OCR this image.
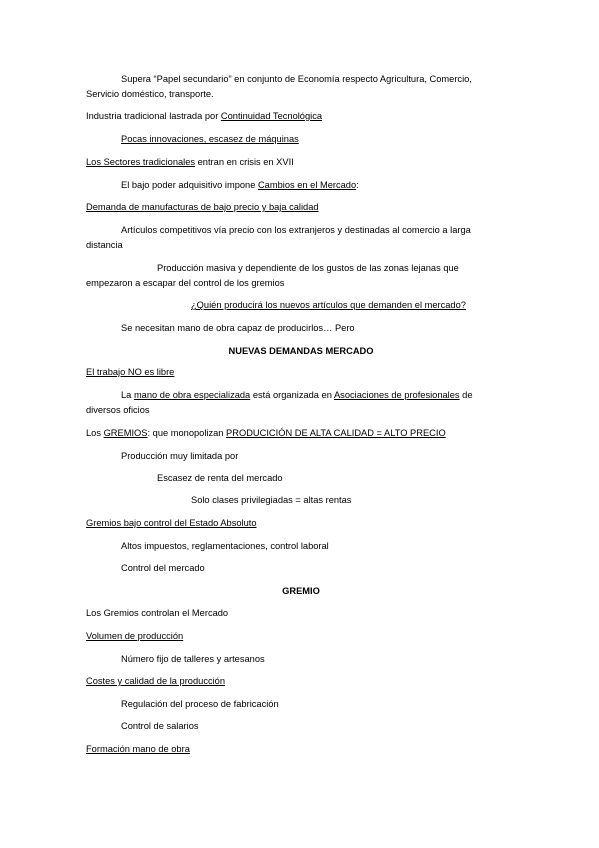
Supera “Papel secundario” en conjunto de Economía respecto Agricultura, Comercio,
Servicio doméstico, transporte.
Industria tradicional lastrada por Continuidad Tecnológica
Pocas innovaciones, escasez de máquinas
Los Sectores tradicionales entran en crisis en XVII
El bajo poder adquisitivo impone Cambios en el Mercado:
Demanda de manufacturas de bajo precio y baja calidad
Artículos competitivos vía precio con los extranjeros y destinadas al comercio a larga
distancia
Producción masiva y dependiente de los gustos de las zonas lejanas que
empezaron a escapar del control de los gremios
¿Quién producirá los nuevos artículos que demanden el mercado?
Se necesitan mano de obra capaz de producirlos… Pero
NUEVAS DEMANDAS MERCADO
El trabajo NO es libre
La mano de obra especializada está organizada en Asociaciones de profesionales de
diversos oficios
Los GREMIOS: que monopolizan PRODUCICIÓN DE ALTA CALIDAD = ALTO PRECIO
Producción muy limitada por
Escasez de renta del mercado
Solo clases privilegiadas = altas rentas
Gremios bajo control del Estado Absoluto
Altos impuestos, reglamentaciones, control laboral
Control del mercado
GREMIO
Los Gremios controlan el Mercado
Volumen de producción
Número fijo de talleres y artesanos
Costes y calidad de la producción
Regulación del proceso de fabricación
Control de salarios
Formación mano de obra
